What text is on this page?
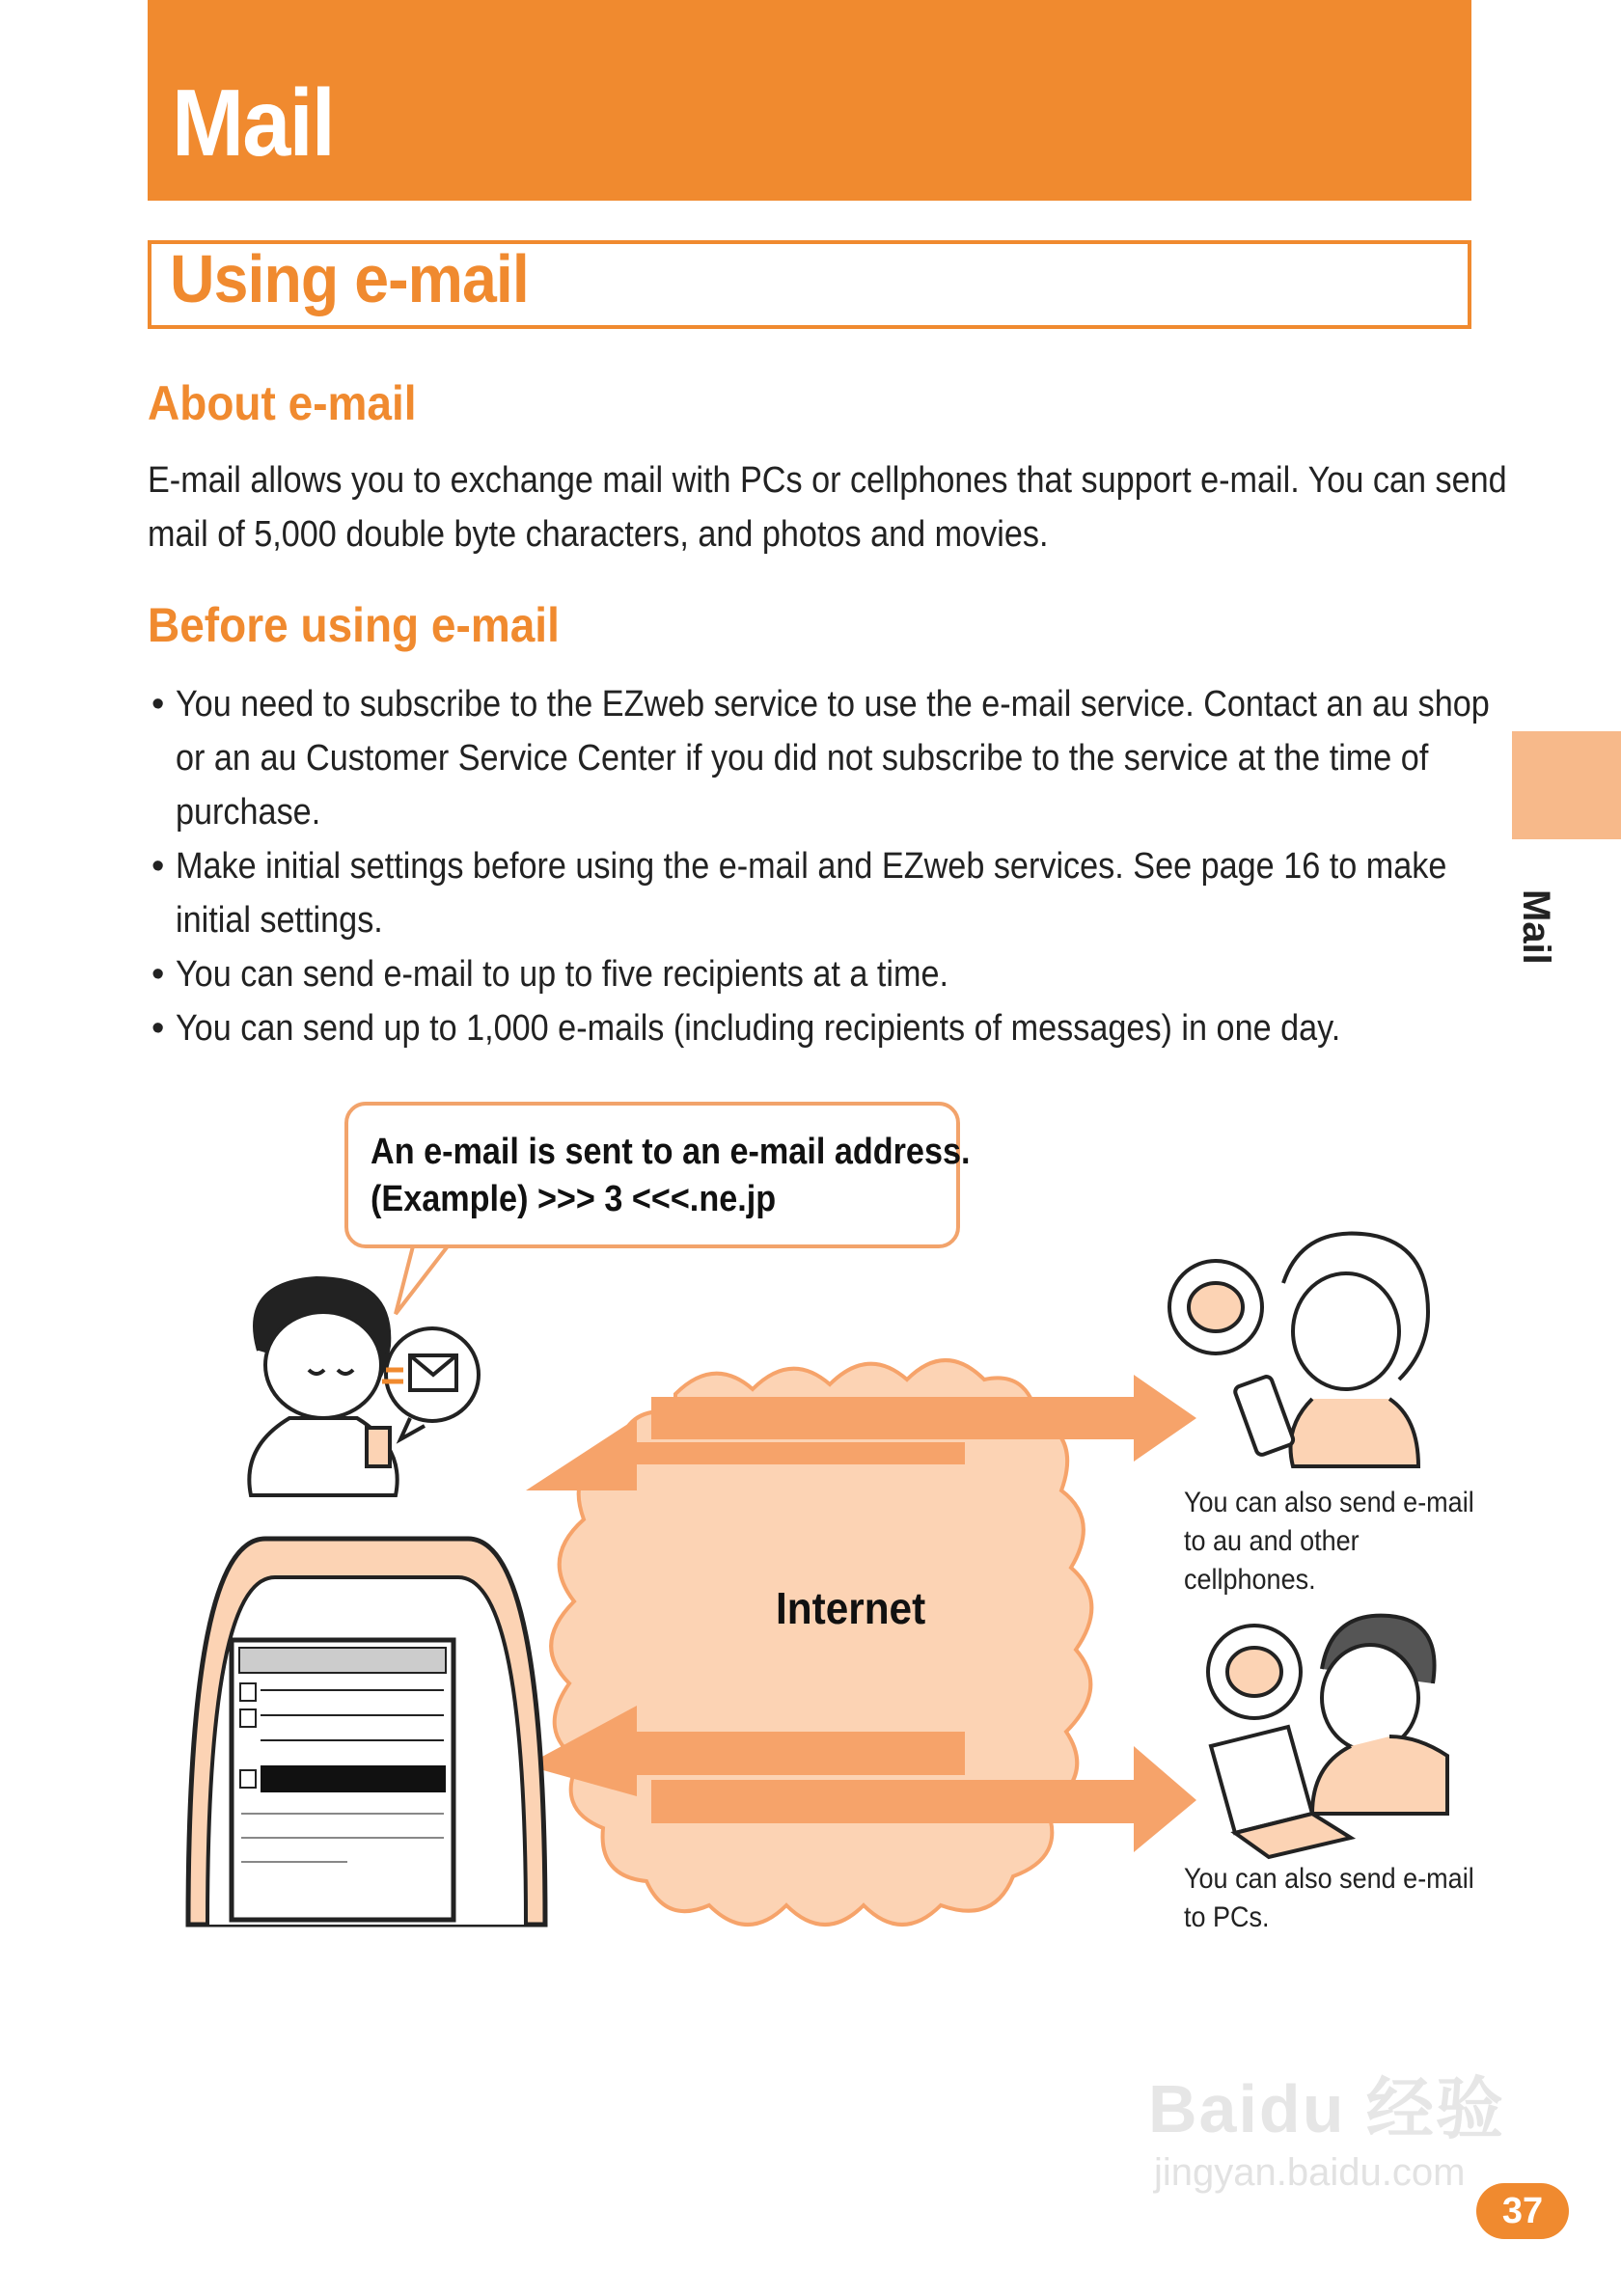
Mail
Using e-mail
About e-mail
E-mail allows you to exchange mail with PCs or cellphones that support e-mail. You can send
mail of 5,000 double byte characters, and photos and movies.
Before using e-mail
• You need to subscribe to the EZweb service to use the e-mail service. Contact an au shop
or an au Customer Service Center if you did not subscribe to the service at the time of
purchase.
• Make initial settings before using the e-mail and EZweb services. See page 16 to make
initial settings.
• You can send e-mail to up to five recipients at a time.
• You can send up to 1,000 e-mails (including recipients of messages) in one day.
Mail
An e-mail is sent to an e-mail address.
(Example) >>> 3 <<<.ne.jp
Internet
You can also send e-mail
to au and other
cellphones.
You can also send e-mail
to PCs.
Baidu 经验
jingyan.baidu.com
37
